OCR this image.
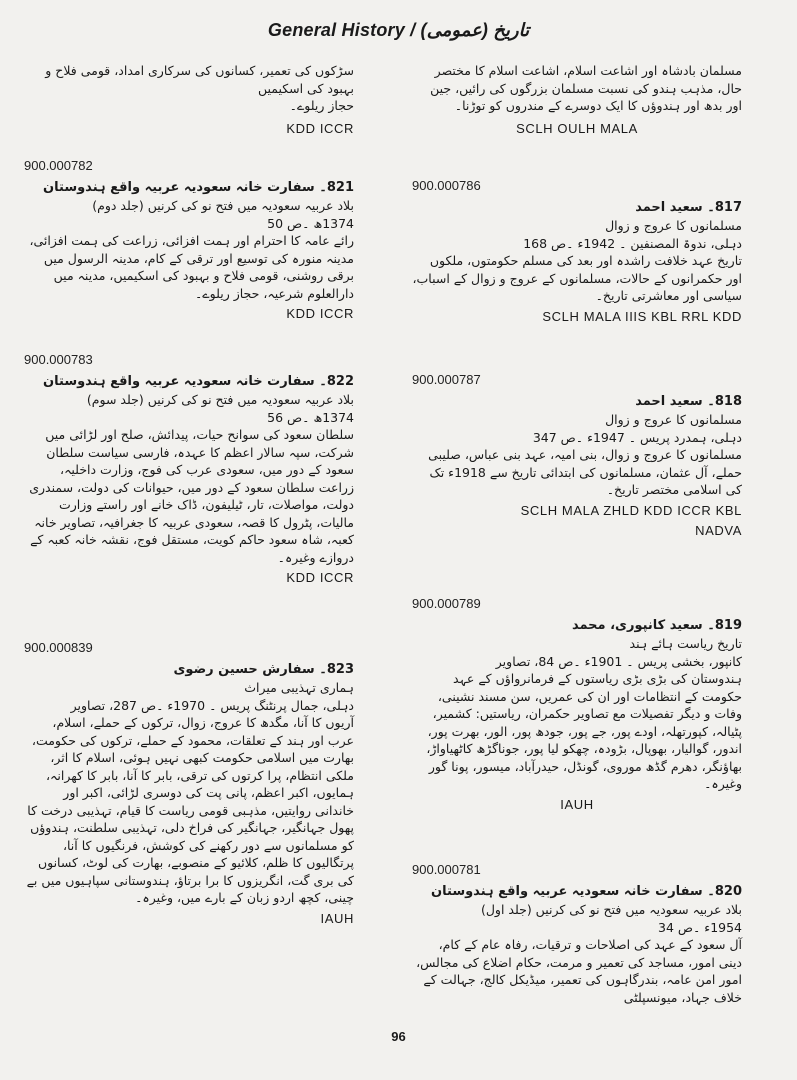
General History / (عمومی) تاریخ
سڑکوں کی تعمیر، کسانوں کی سرکاری امداد، قومی فلاح و بہبود کی اسکیمیں
حجاز ریلوے۔
KDD ICCR
900.000782
821۔ سفارت خانہ سعودیہ عربیہ واقع ہندوستان
بلاد عربیہ سعودیہ میں فتح نو کی کرنیں (جلد دوم)
1374ھ ۔ص 50
رائے عامہ کا احترام اور ہمت افزائی، زراعت کی ہمت افزائی، مدینہ منورہ کی توسیع اور ترقی کے کام، مدینہ الرسول میں برقی روشنی، قومی فلاح و بہبود کی اسکیمیں، مدینہ میں دارالعلوم شرعیہ، حجاز ریلوے۔
KDD ICCR
900.000783
822۔ سفارت خانہ سعودیہ عربیہ واقع ہندوستان
بلاد عربیہ سعودیہ میں فتح نو کی کرنیں (جلد سوم)
1374ھ ۔ص 56
سلطان سعود کی سوانح حیات، پیدائش، صلح اور لڑائی میں شرکت، سپہ سالار اعظم کا عہدہ، فارسی سیاست سلطان سعود کے دور میں، سعودی عرب کی فوج، وزارت داخلیہ، زراعت سلطان سعود کے دور میں، حیوانات کی دولت، سمندری دولت، مواصلات، تار، ٹیلیفون، ڈاک خانے اور راستے وزارت مالیات، پٹرول کا قصہ، سعودی عربیہ کا جغرافیہ، تصاویر خانہ کعبہ، شاہ سعود حاکم کویت، مستقل فوج، نقشہ خانہ کعبہ کے دروازے وغیرہ۔
KDD ICCR
900.000839
823۔ سفارش حسین رضوی
ہماری تہذیبی میراث
دہلی، جمال پرنٹنگ پریس ۔ 1970ء ۔ص 287، تصاویر
آریوں کا آنا، مگدھ کا عروج، زوال، ترکوں کے حملے، اسلام، عرب اور ہند کے تعلقات، محمود کے حملے، ترکوں کی حکومت، بھارت میں اسلامی حکومت کبھی نہیں ہوئی، اسلام کا اثر، ملکی انتظام، پرا کرتوں کی ترقی، بابر کا آنا، بابر کا کھرانہ، ہمایوں، اکبر اعظم، پانی پت کی دوسری لڑائی، اکبر اور خاندانی روایتیں، مذہبی قومی ریاست کا قیام، تہذیبی درخت کا پھول جہانگیر، جہانگیر کی فراخ دلی، تہذیبی سلطنت، ہندوؤں کو مسلمانوں سے دور رکھنے کی کوشش، فرنگیوں کا آنا، پرتگالیوں کا ظلم، کلائیو کے منصوبے، بھارت کی لوٹ، کسانوں کی بری گت، انگریزوں کا برا برتاؤ، ہندوستانی سپاہیوں میں بے چینی، کچھ اردو زبان کے بارے میں، وغیرہ۔
IAUH
مسلمان بادشاہ اور اشاعت اسلام، اشاعت اسلام کا مختصر حال، مذہب ہندو کی نسبت مسلمان بزرگوں کی رائیں، جین اور بدھ اور ہندوؤں کا ایک دوسرے کے مندروں کو توڑنا۔
SCLH OULH MALA
900.000786
817۔ سعید احمد
مسلمانوں کا عروج و زوال
دہلی، ندوۃ المصنفین ۔ 1942ء ۔ص 168
تاریخ عہد خلافت راشدہ اور بعد کی مسلم حکومتوں، ملکوں اور حکمرانوں کے حالات، مسلمانوں کے عروج و زوال کے اسباب، سیاسی اور معاشرتی تاریخ۔
SCLH MALA IIIS KBL RRL KDD
900.000787
818۔ سعید احمد
مسلمانوں کا عروج و زوال
دہلی، ہمدرد پریس ۔ 1947ء ۔ص 347
مسلمانوں کا عروج و زوال، بنی امیہ، عہد بنی عباس، صلیبی حملے، آل عثمان، مسلمانوں کی ابتدائی تاریخ سے 1918ء تک کی اسلامی مختصر تاریخ۔
SCLH MALA ZHLD KDD ICCR KBL
NADVA
900.000789
819۔ سعید کانپوری، محمد
تاریخ ریاست ہائے ہند
کانپور، بخشی پریس ۔ 1901ء ۔ص 84، تصاویر
ہندوستان کی بڑی بڑی ریاستوں کے فرمانرواؤں کے عہد حکومت کے انتظامات اور ان کی عمریں، سن مسند نشینی، وفات و دیگر تفصیلات مع تصاویر حکمران، ریاستیں: کشمیر، پٹیالہ، کپورتھلہ، اودے پور، جے پور، جودھ پور، الور، بھرت پور، اندور، گوالیار، بھوپال، بڑودہ، چھکو لیا پور، جوناگڑھ کاٹھیاواڑ، بھاؤنگر، دھرم گڈھ موروی، گونڈل، حیدرآباد، میسور، پونا گور وغیرہ۔
IAUH
900.000781
820۔ سفارت خانہ سعودیہ عربیہ واقع ہندوستان
بلاد عربیہ سعودیہ میں فتح نو کی کرنیں (جلد اول)
1954ء ۔ص 34
آل سعود کے عہد کی اصلاحات و ترقیات، رفاہ عام کے کام، دینی امور، مساجد کی تعمیر و مرمت، حکام اضلاع کی مجالس، امور امن عامہ، بندرگاہوں کی تعمیر، میڈیکل کالج، جہالت کے خلاف جہاد، میونسپلٹی
96
